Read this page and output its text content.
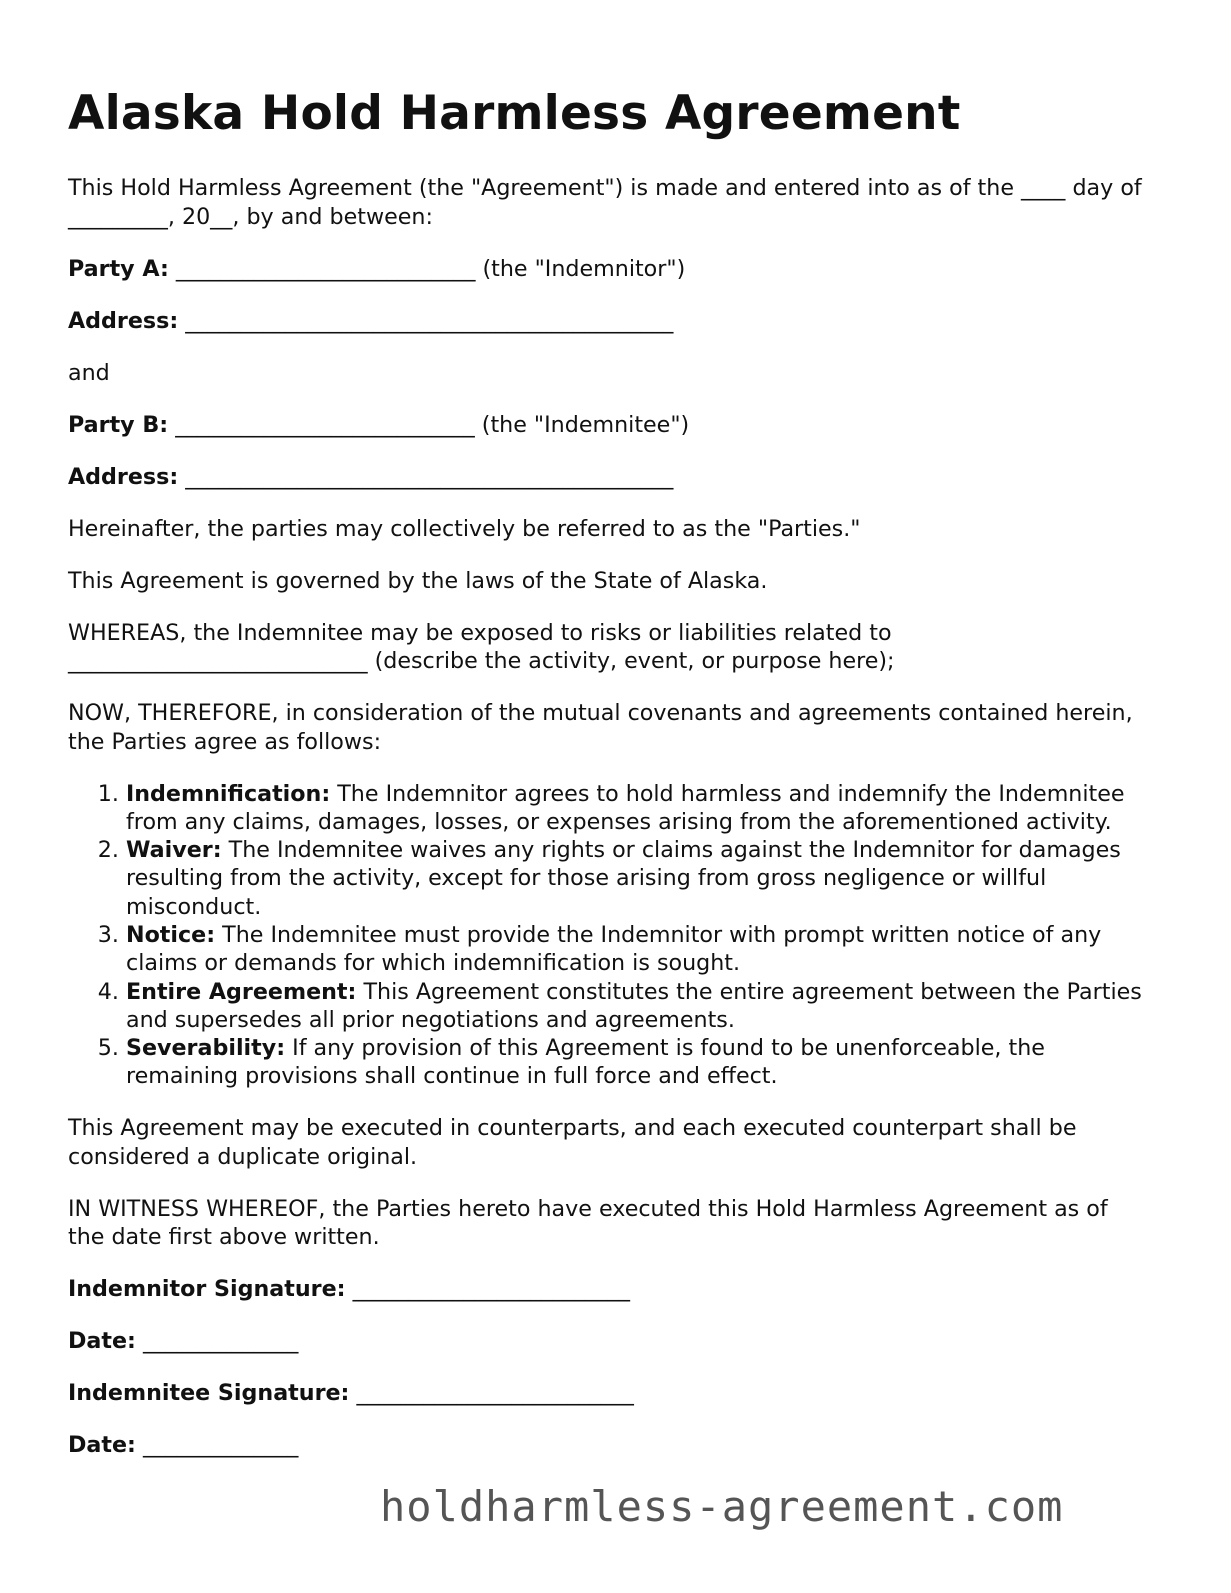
Alaska Hold Harmless Agreement

This Hold Harmless Agreement (the "Agreement") is made and entered into as of the ____ day of _________, 20__, by and between:

Party A: ___________________________ (the "Indemnitor")

Address: ____________________________________________

and

Party B: ___________________________ (the "Indemnitee")

Address: ____________________________________________

Hereinafter, the parties may collectively be referred to as the "Parties."

This Agreement is governed by the laws of the State of Alaska.

WHEREAS, the Indemnitee may be exposed to risks or liabilities related to ___________________________ (describe the activity, event, or purpose here);

NOW, THEREFORE, in consideration of the mutual covenants and agreements contained herein, the Parties agree as follows:

1. Indemnification: The Indemnitor agrees to hold harmless and indemnify the Indemnitee from any claims, damages, losses, or expenses arising from the aforementioned activity.
2. Waiver: The Indemnitee waives any rights or claims against the Indemnitor for damages resulting from the activity, except for those arising from gross negligence or willful misconduct.
3. Notice: The Indemnitee must provide the Indemnitor with prompt written notice of any claims or demands for which indemnification is sought.
4. Entire Agreement: This Agreement constitutes the entire agreement between the Parties and supersedes all prior negotiations and agreements.
5. Severability: If any provision of this Agreement is found to be unenforceable, the remaining provisions shall continue in full force and effect.

This Agreement may be executed in counterparts, and each executed counterpart shall be considered a duplicate original.

IN WITNESS WHEREOF, the Parties hereto have executed this Hold Harmless Agreement as of the date first above written.

Indemnitor Signature: _________________________

Date: ______________

Indemnitee Signature: _________________________

Date: ______________

holdharmless-agreement.com
